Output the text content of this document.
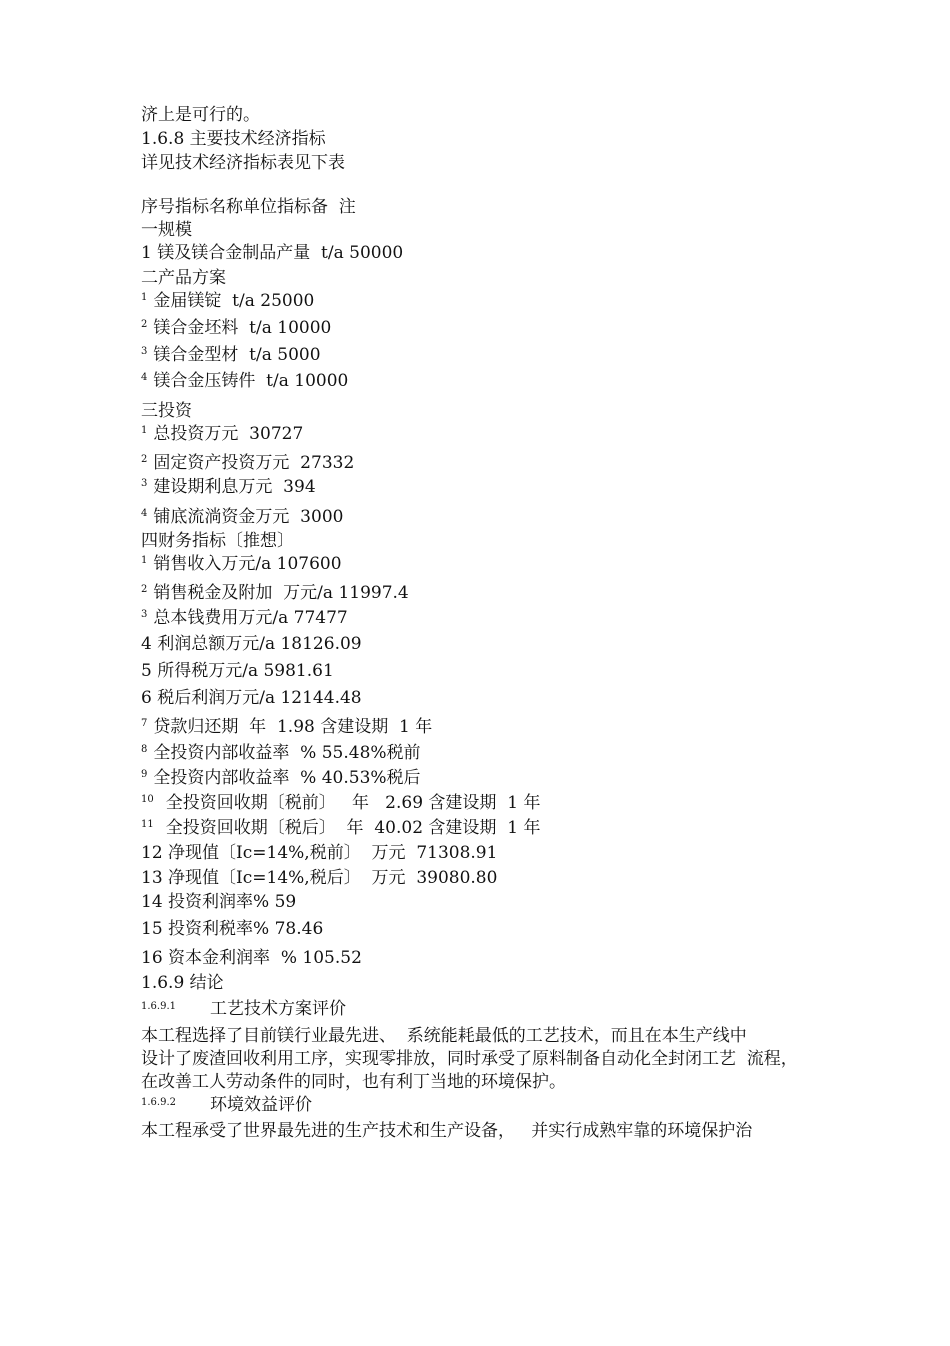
济上是可行的。
1.6.8 主要技术经济指标
详见技术经济指标表见下表
序号指标名称单位指标备  注
一规模
1 镁及镁合金制品产量  t/a 50000
二产品方案
$^1$ 金届镁锭  t/a 25000
$^2$ 镁合金坯料  t/a 10000
$^3$ 镁合金型材  t/a 5000
$^4$ 镁合金压铸件  t/a 10000
三投资
$^1$ 总投资万元  30727
$^2$ 固定资产投资万元  27332
$^3$ 建设期利息万元  394
$^4$ 铺底流淌资金万元  3000
四财务指标〔推想〕
$^1$ 销售收入万元/a 107600
$^2$ 销售税金及附加  万元/a 11997.4
$^3$ 总本钱费用万元/a 77477
4 利润总额万元/a 18126.09
5 所得税万元/a 5981.61
6 税后利润万元/a 12144.48
$^7$ 贷款归还期  年  1.98 含建设期  1 年
$^8$ 全投资内部收益率  % 55.48%税前
$^9$ 全投资内部收益率  % 40.53%税后
$^{10}$ 全投资回收期〔税前〕   年   2.69 含建设期  1 年
$^{11}$ 全投资回收期〔税后〕  年  40.02 含建设期  1 年
12 净现值〔Ic=14%,税前〕  万元  71308.91
13 净现值〔Ic=14%,税后〕  万元  39080.80
14 投资利润率% 59
15 投资利税率% 78.46
16 资本金利润率  % 105.52
1.6.9 结论
$^{1.6.9.1}$ 工艺技术方案评价
本工程选择了目前镁行业最先进、  系统能耗最低的工艺技术，而且在本生产线中
设计了废渣回收利用工序，实现零排放，同时承受了原料制备自动化全封闭工艺  流程，
在改善工人劳动条件的同时，也有利丁当地的环境保护。
$^{1.6.9.2}$ 环境效益评价
本工程承受了世界最先进的生产技术和生产设备，   并实行成熟牢靠的环境保护治
